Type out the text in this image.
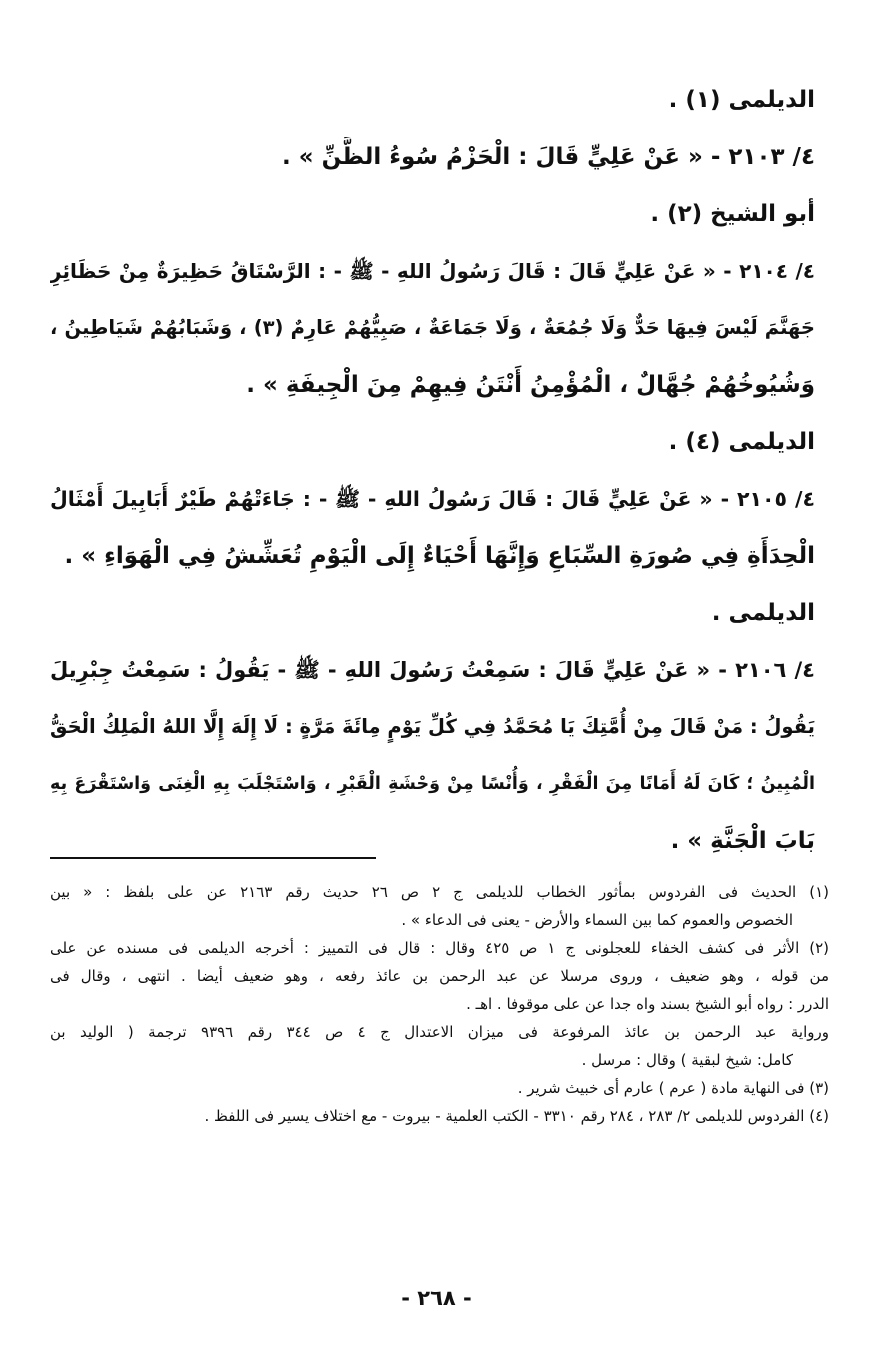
الديلمى (١) .

٤/ ٢١٠٣ - « عَنْ عَلِيٍّ قَالَ : الْحَزْمُ سُوءُ الظَّنِّ » .

أبو الشيخ (٢) .

٤/ ٢١٠٤ - « عَنْ عَلِيٍّ قَالَ : قَالَ رَسُولُ اللهِ - ﷺ - : الرَّسْتَاقُ حَظِيرَةٌ مِنْ حَظَائِرِ

جَهَنَّمَ لَيْسَ فِيهَا حَدٌّ وَلَا جُمُعَةٌ ، وَلَا جَمَاعَةٌ ، صَبِيُّهُمْ عَارِمٌ (٣) ، وَشَبَابُهُمْ شَيَاطِينُ ،

وَشُيُوخُهُمْ جُهَّالٌ ، الْمُؤْمِنُ أَنْتَنُ فِيهِمْ مِنَ الْجِيفَةِ » .

الديلمى (٤) .

٤/ ٢١٠٥ - « عَنْ عَلِيٍّ قَالَ : قَالَ رَسُولُ اللهِ - ﷺ - : جَاءَتْهُمْ طَيْرٌ أَبَابِيلَ أَمْثَالُ

الْحِدَأَةِ فِي صُورَةِ السِّبَاعِ وَإِنَّهَا أَحْيَاءٌ إِلَى الْيَوْمِ تُعَشِّشُ فِي الْهَوَاءِ » .

الديلمى .

٤/ ٢١٠٦ - « عَنْ عَلِيٍّ قَالَ : سَمِعْتُ رَسُولَ اللهِ - ﷺ - يَقُولُ : سَمِعْتُ جِبْرِيلَ

يَقُولُ : مَنْ قَالَ مِنْ أُمَّتِكَ يَا مُحَمَّدُ فِي كُلِّ يَوْمٍ مِائَةَ مَرَّةٍ : لَا إِلَهَ إِلَّا اللهُ الْمَلِكُ الْحَقُّ

الْمُبِينُ ؛ كَانَ لَهُ أَمَانًا مِنَ الْفَقْرِ ، وَأُنْسًا مِنْ وَحْشَةِ الْقَبْرِ ، وَاسْتَجْلَبَ بِهِ الْغِنَى وَاسْتَقْرَعَ بِهِ

بَابَ الْجَنَّةِ » .

(١) الحديث فى الفردوس بمأثور الخطاب للديلمى ج ٢ ص ٢٦ حديث رقم ٢١٦٣ عن على بلفظ : « بين

الخصوص والعموم كما بين السماء والأرض - يعنى فى الدعاء » .

(٢) الأثر فى كشف الخفاء للعجلونى ج ١ ص ٤٢٥ وقال : قال فى التمييز : أخرجه الديلمى فى مسنده عن على

من قوله ، وهو ضعيف ، وروى مرسلا عن عبد الرحمن بن عائذ رفعه ، وهو ضعيف أيضا . انتهى ، وقال فى

الدرر : رواه أبو الشيخ بسند واه جدا عن على موقوفا . اهـ .

ورواية عبد الرحمن بن عائذ المرفوعة فى ميزان الاعتدال ج ٤ ص ٣٤٤ رقم ٩٣٩٦ ترجمة ( الوليد بن

كامل: شيخ لبقية ) وقال : مرسل .

(٣) فى النهاية مادة ( عرم ) عارم أى خبيث شرير .

(٤) الفردوس للديلمى ٢/ ٢٨٣ ، ٢٨٤ رقم ٣٣١٠ - الكتب العلمية - بيروت - مع اختلاف يسير فى اللفظ .

- ٢٦٨ -
